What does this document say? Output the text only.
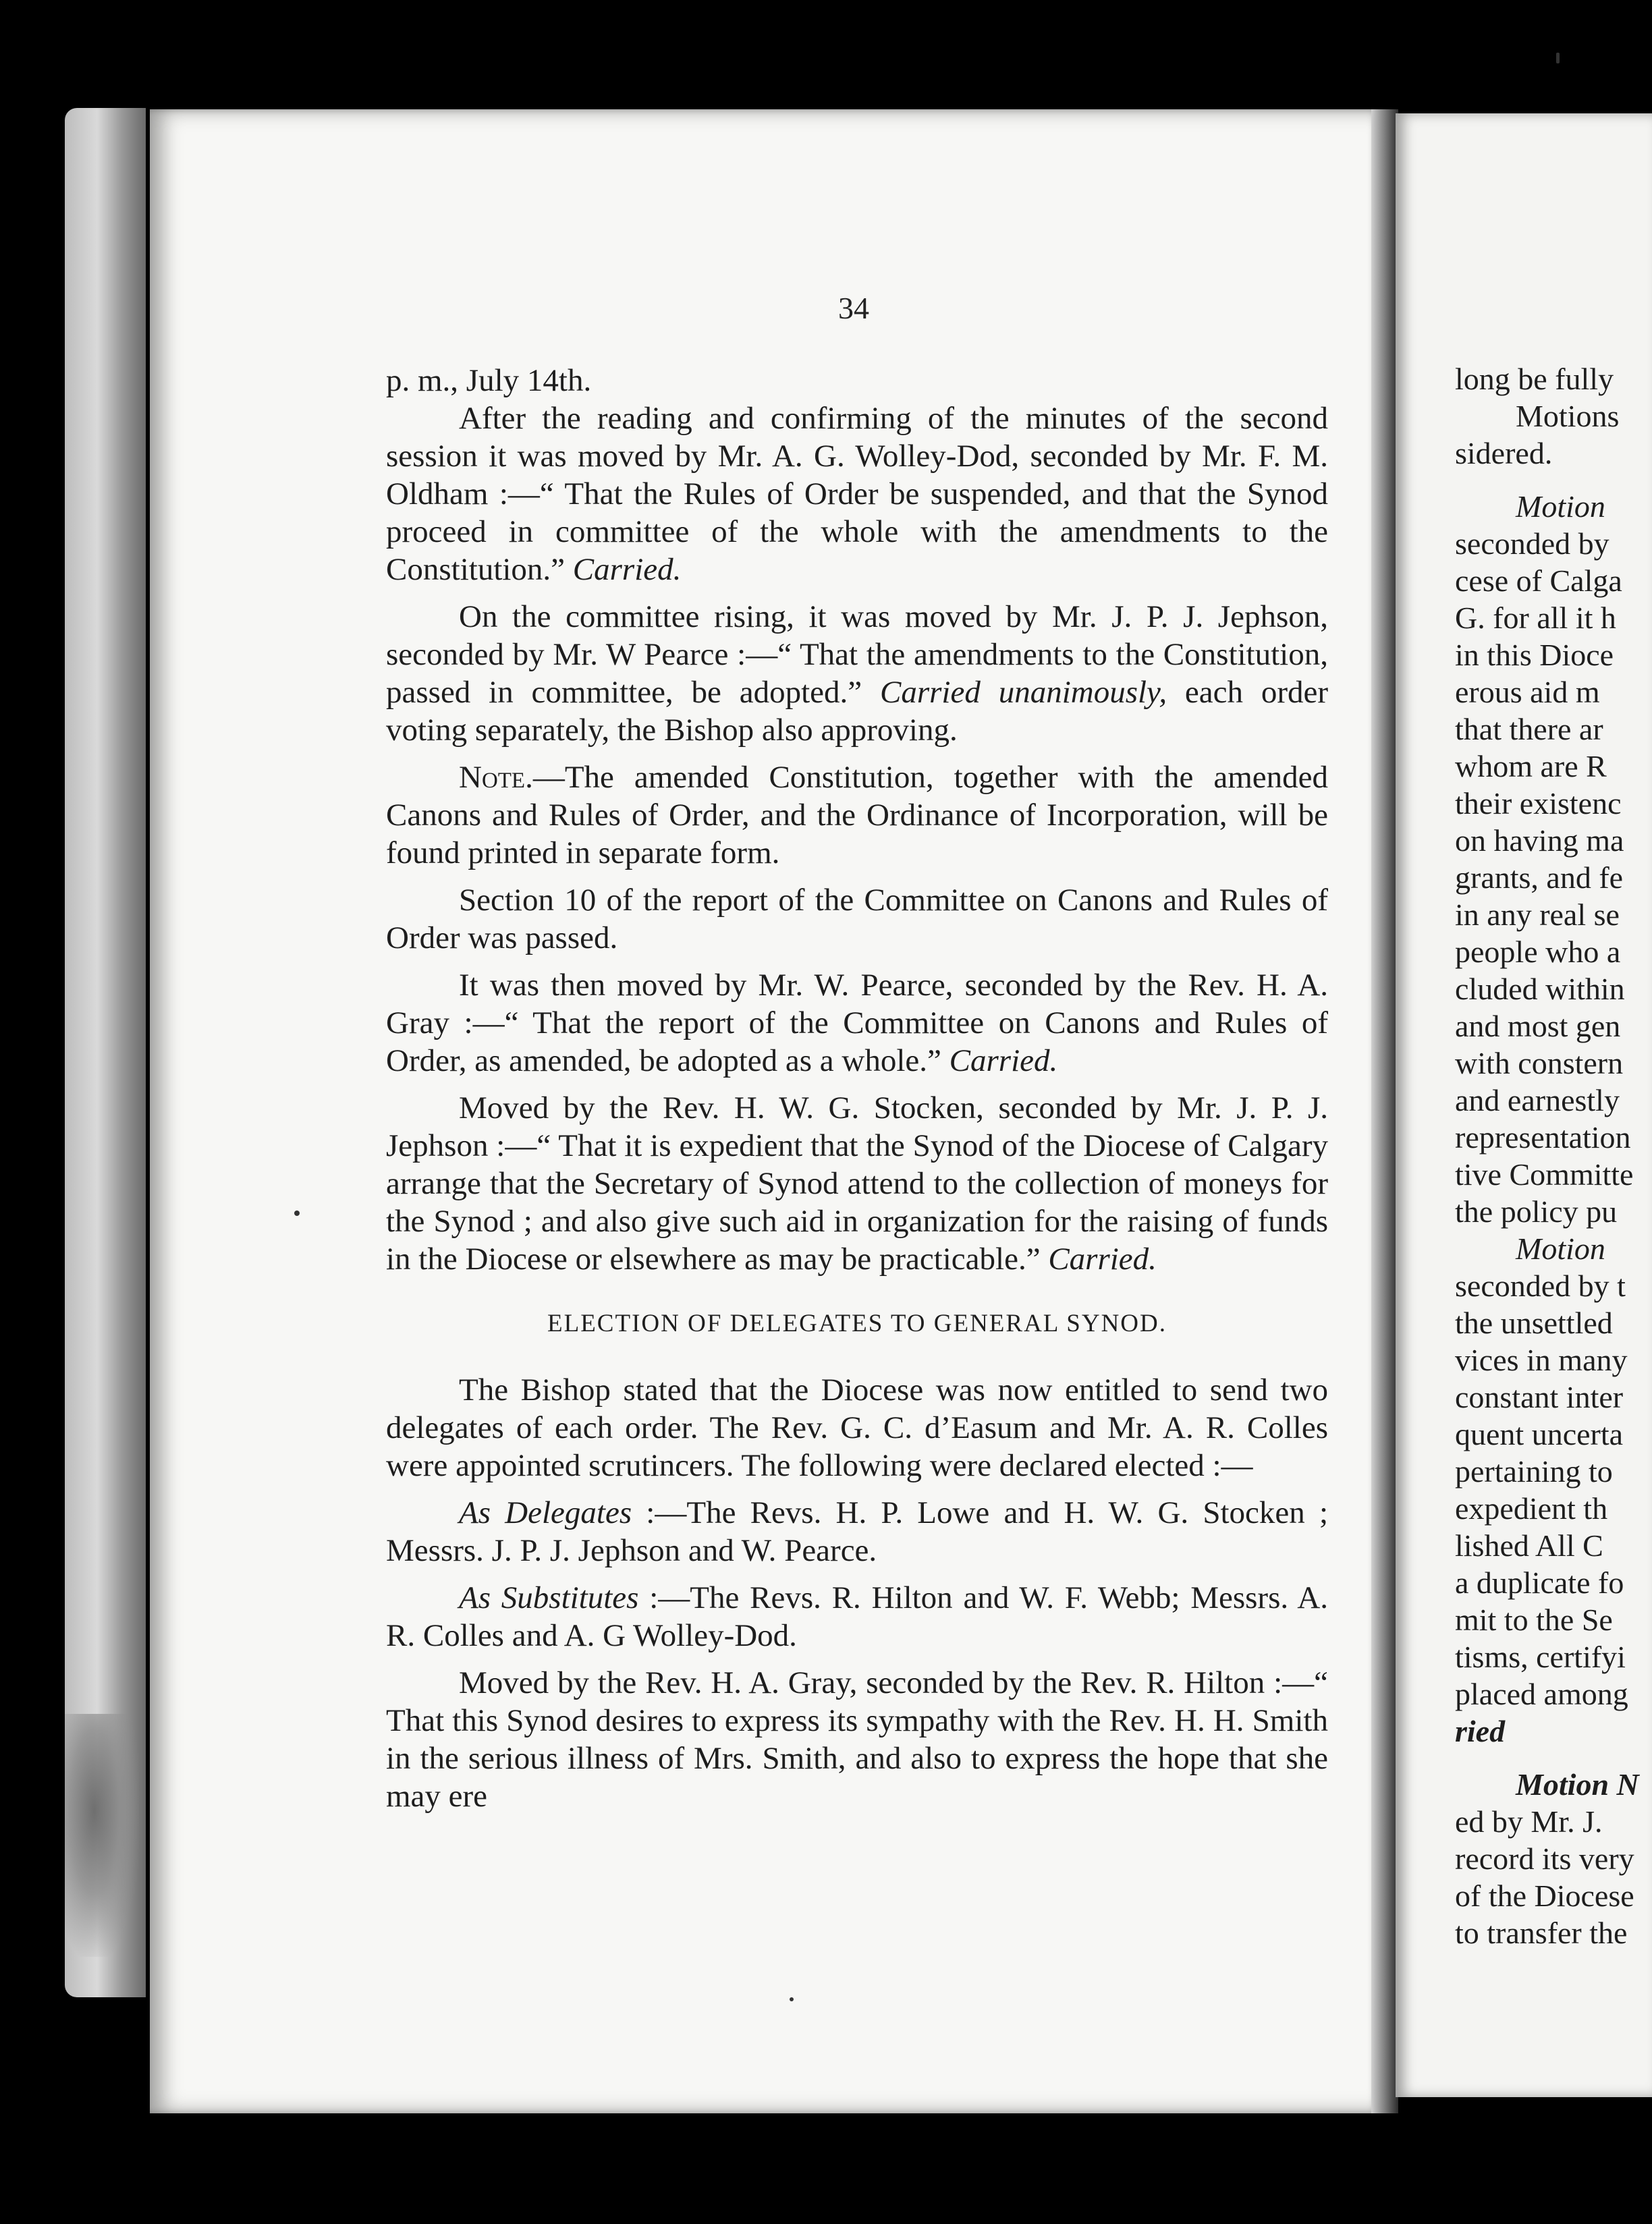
34

p. m., July 14th.

After the reading and confirming of the minutes of the second session it was moved by Mr. A. G. Wolley-Dod, seconded by Mr. F. M. Oldham :—“ That the Rules of Order be suspended, and that the Synod proceed in committee of the whole with the amendments to the Constitution.” Carried.

On the committee rising, it was moved by Mr. J. P. J. Jephson, seconded by Mr. W Pearce :—“ That the amendments to the Constitution, passed in committee, be adopted.” Carried unanimously, each order voting separately, the Bishop also approving.

Note.—The amended Constitution, together with the amended Canons and Rules of Order, and the Ordinance of Incorporation, will be found printed in separate form.

Section 10 of the report of the Committee on Canons and Rules of Order was passed.

It was then moved by Mr. W. Pearce, seconded by the Rev. H. A. Gray :—“ That the report of the Committee on Canons and Rules of Order, as amended, be adopted as a whole.” Carried.

Moved by the Rev. H. W. G. Stocken, seconded by Mr. J. P. J. Jephson :—“ That it is expedient that the Synod of the Diocese of Calgary arrange that the Secretary of Synod attend to the collection of moneys for the Synod ; and also give such aid in organization for the raising of funds in the Diocese or elsewhere as may be practicable.” Carried.

ELECTION OF DELEGATES TO GENERAL SYNOD.

The Bishop stated that the Diocese was now entitled to send two delegates of each order. The Rev. G. C. d’Easum and Mr. A. R. Colles were appointed scrutincers. The following were declared elected :—

As Delegates :—The Revs. H. P. Lowe and H. W. G. Stocken ; Messrs. J. P. J. Jephson and W. Pearce.

As Substitutes :—The Revs. R. Hilton and W. F. Webb; Messrs. A. R. Colles and A. G Wolley-Dod.

Moved by the Rev. H. A. Gray, seconded by the Rev. R. Hilton :—“ That this Synod desires to express its sympathy with the Rev. H. H. Smith in the serious illness of Mrs. Smith, and also to express the hope that she may ere

long be fully
Motions
sidered.
Motion
seconded by
cese of Calga
G. for all it h
in this Dioce
erous aid m
that there ar
whom are R
their existenc
on having ma
grants, and fe
in any real se
people who a
cluded within
and most gen
with constern
and earnestly
representation
tive Committe
the policy pu
Motion
seconded by t
the unsettled
vices in many
constant inter
quent uncerta
pertaining to
expedient th
lished All C
a duplicate fo
mit to the Se
tisms, certifyi
placed among
ried
Motion N
ed by Mr. J.
record its very
of the Diocese
to transfer the
